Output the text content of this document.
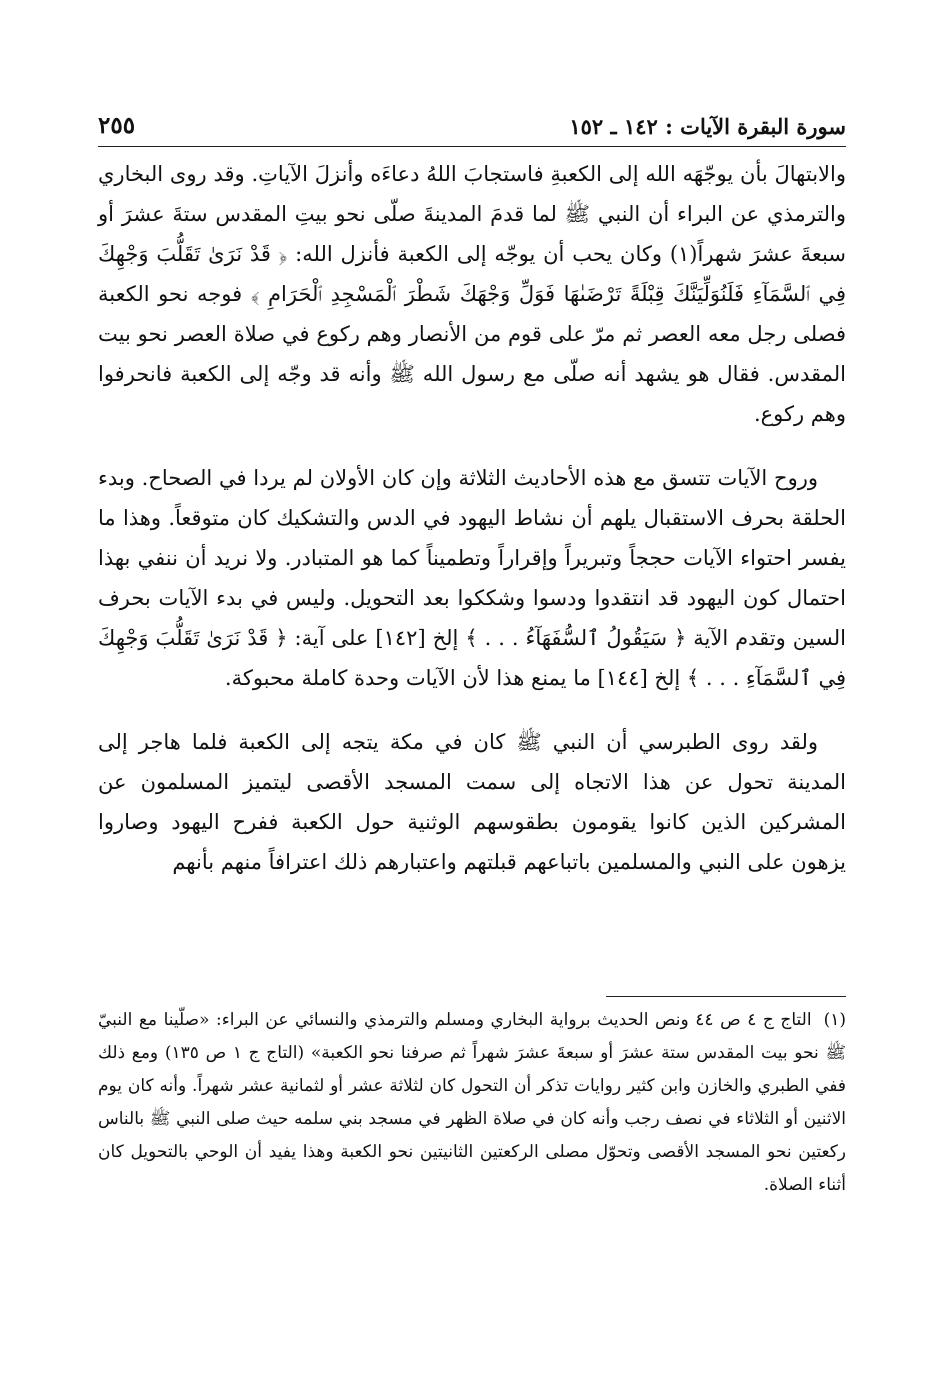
سورة البقرة الآيات : ١٤٢ ـ ١٥٢
٢٥٥

والابتهالَ بأن يوجّهَه الله إلى الكعبةِ فاستجابَ اللهُ دعاءَه وأنزلَ الآياتِ. وقد روى البخاري والترمذي عن البراء أن النبي ﷺ لما قدمَ المدينةَ صلّى نحو بيتِ المقدس ستةَ عشرَ أو سبعةَ عشرَ شهراً(١) وكان يحب أن يوجّه إلى الكعبة فأنزل الله: ﴿ قَدْ نَرَىٰ تَقَلُّبَ وَجْهِكَ فِي ٱلسَّمَآءِ فَلَنُوَلِّيَنَّكَ قِبْلَةً تَرْضَىٰهَا فَوَلِّ وَجْهَكَ شَطْرَ ٱلْمَسْجِدِ ٱلْحَرَامِ ﴾ فوجه نحو الكعبة فصلى رجل معه العصر ثم مرّ على قوم من الأنصار وهم ركوع في صلاة العصر نحو بيت المقدس. فقال هو يشهد أنه صلّى مع رسول الله ﷺ وأنه قد وجّه إلى الكعبة فانحرفوا وهم ركوع.

وروح الآيات تتسق مع هذه الأحاديث الثلاثة وإن كان الأولان لم يردا في الصحاح. وبدء الحلقة بحرف الاستقبال يلهم أن نشاط اليهود في الدس والتشكيك كان متوقعاً. وهذا ما يفسر احتواء الآيات حججاً وتبريراً وإقراراً وتطميناً كما هو المتبادر. ولا نريد أن ننفي بهذا احتمال كون اليهود قد انتقدوا ودسوا وشككوا بعد التحويل. وليس في بدء الآيات بحرف السين وتقدم الآية ﴿ سَيَقُولُ ٱلسُّفَهَآءُ . . . ﴾ إلخ [١٤٢] على آية: ﴿ قَدْ نَرَىٰ تَقَلُّبَ وَجْهِكَ فِي ٱلسَّمَآءِ . . . ﴾ إلخ [١٤٤] ما يمنع هذا لأن الآيات وحدة كاملة محبوكة.

ولقد روى الطبرسي أن النبي ﷺ كان في مكة يتجه إلى الكعبة فلما هاجر إلى المدينة تحول عن هذا الاتجاه إلى سمت المسجد الأقصى ليتميز المسلمون عن المشركين الذين كانوا يقومون بطقوسهم الوثنية حول الكعبة ففرح اليهود وصاروا يزهون على النبي والمسلمين باتباعهم قبلتهم واعتبارهم ذلك اعترافاً منهم بأنهم

(١)التاج ج ٤ ص ٤٤ ونص الحديث برواية البخاري ومسلم والترمذي والنسائي عن البراء: «صلّينا مع النبيّ ﷺ نحو بيت المقدس ستة عشرَ أو سبعةَ عشرَ شهراً ثم صرفنا نحو الكعبة» (التاج ج ١ ص ١٣٥) ومع ذلك ففي الطبري والخازن وابن كثير روايات تذكر أن التحول كان لثلاثة عشر أو لثمانية عشر شهراً. وأنه كان يوم الاثنين أو الثلاثاء في نصف رجب وأنه كان في صلاة الظهر في مسجد بني سلمه حيث صلى النبي ﷺ بالناس ركعتين نحو المسجد الأقصى وتحوّل مصلى الركعتين الثانيتين نحو الكعبة وهذا يفيد أن الوحي بالتحويل كان أثناء الصلاة.
